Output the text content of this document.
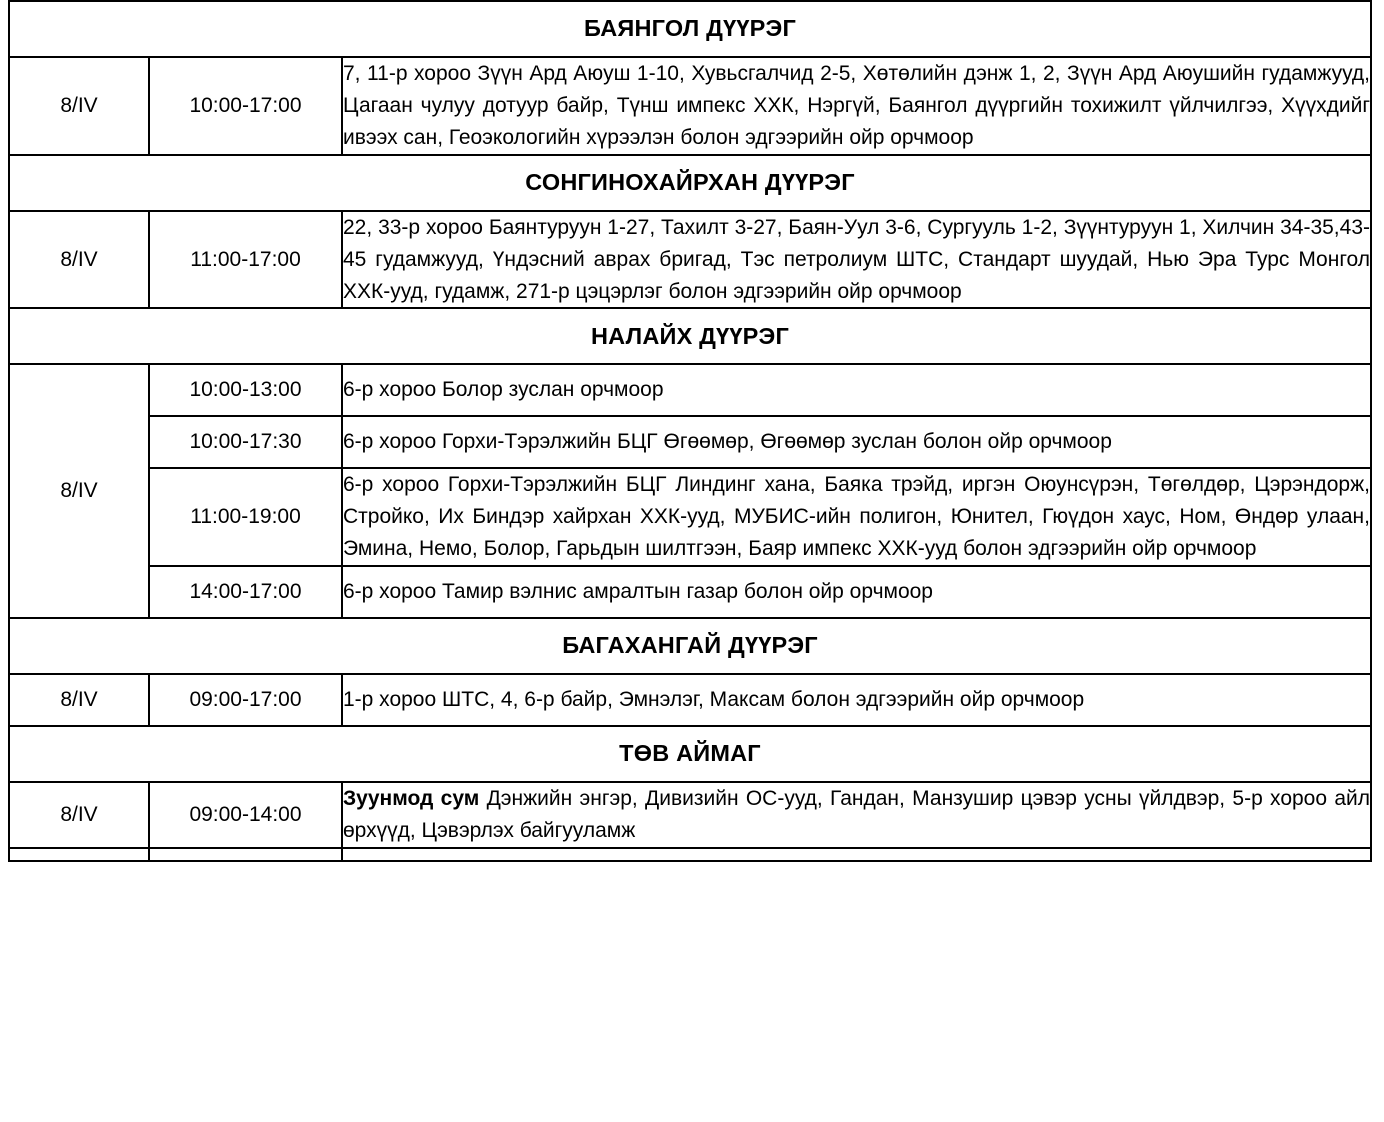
БАЯНГОЛ ДҮҮРЭГ		
8/IV	10:00-17:00	7, 11-р хороо Зүүн Ард Аюуш 1-10, Хувьсгалчид 2-5, Хөтөлийн дэнж 1, 2, Зүүн Ард Аюушийн гудамжууд, Цагаан чулуу дотуур байр, Түнш импекс ХХК, Нэргүй, Баянгол дүүргийн тохижилт үйлчилгээ, Хүүхдийг ивээх сан, Геоэкологийн хүрээлэн болон эдгээрийн ойр орчмоор
СОНГИНОХАЙРХАН ДҮҮРЭГ		
8/IV	11:00-17:00	22, 33-р хороо Баянтуруун 1-27, Тахилт 3-27, Баян-Уул 3-6, Сургууль 1-2, Зүүнтуруун 1, Хилчин 34-35,43-45 гудамжууд, Үндэсний аврах бригад, Тэс петролиум ШТС, Стандарт шуудай, Нью Эра Турс Монгол ХХК-ууд, гудамж, 271-р цэцэрлэг болон эдгээрийн ойр орчмоор
НАЛАЙХ ДҮҮРЭГ		
8/IV	10:00-13:00	6-р хороо Болор зуслан орчмоор
	10:00-17:30	6-р хороо Горхи-Тэрэлжийн БЦГ Өгөөмөр, Өгөөмөр зуслан болон ойр орчмоор
	11:00-19:00	6-р хороо Горхи-Тэрэлжийн БЦГ Линдинг хана, Баяка трэйд, иргэн Оюунсүрэн, Төгөлдөр, Цэрэндорж, Стройко, Их Биндэр хайрхан ХХК-ууд, МУБИС-ийн полигон, Юнител, Гюүдон хаус, Ном, Өндөр улаан, Эмина, Немо, Болор, Гарьдын шилтгээн, Баяр импекс ХХК-ууд болон эдгээрийн ойр орчмоор
	14:00-17:00	6-р хороо Тамир вэлнис амралтын газар болон ойр орчмоор
БАГАХАНГАЙ ДҮҮРЭГ		
8/IV	09:00-17:00	1-р хороо ШТС, 4, 6-р байр, Эмнэлэг, Максам болон эдгээрийн ойр орчмоор
ТӨВ АЙМАГ		
8/IV	09:00-14:00	Зуунмод сум Дэнжийн энгэр, Дивизийн ОС-ууд, Гандан, Манзушир цэвэр усны үйлдвэр, 5-р хороо айл өрхүүд, Цэвэрлэх байгууламж
